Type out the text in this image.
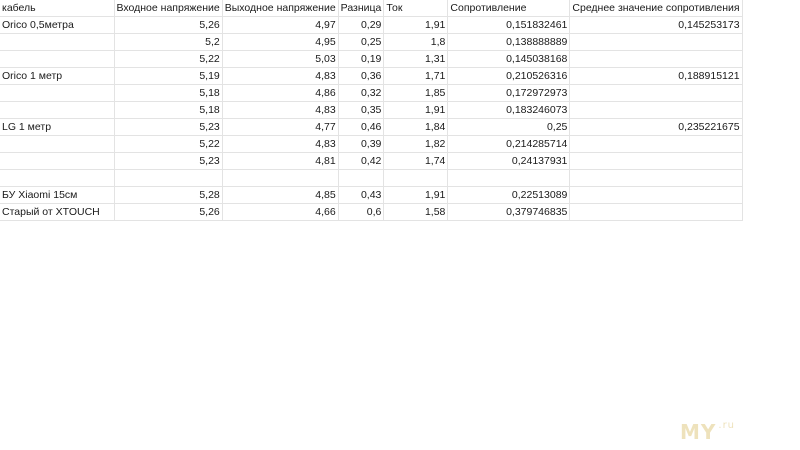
кабель	Входное напряжение	Выходное напряжение	Разница	Ток	Сопротивление	Среднее значение сопротивления
Orico 0,5метра	5,26	4,97	0,29	1,91	0,151832461	0,145253173
	5,2	4,95	0,25	1,8	0,138888889	
	5,22	5,03	0,19	1,31	0,145038168	
Orico 1 метр	5,19	4,83	0,36	1,71	0,210526316	0,188915121
	5,18	4,86	0,32	1,85	0,172972973	
	5,18	4,83	0,35	1,91	0,183246073	
LG 1 метр	5,23	4,77	0,46	1,84	0,25	0,235221675
	5,22	4,83	0,39	1,82	0,214285714	
	5,23	4,81	0,42	1,74	0,24137931	

БУ Xiaomi 15см	5,28	4,85	0,43	1,91	0,22513089	
Старый от XTOUCH	5,26	4,66	0,6	1,58	0,379746835	
MY $^{.ru}$
